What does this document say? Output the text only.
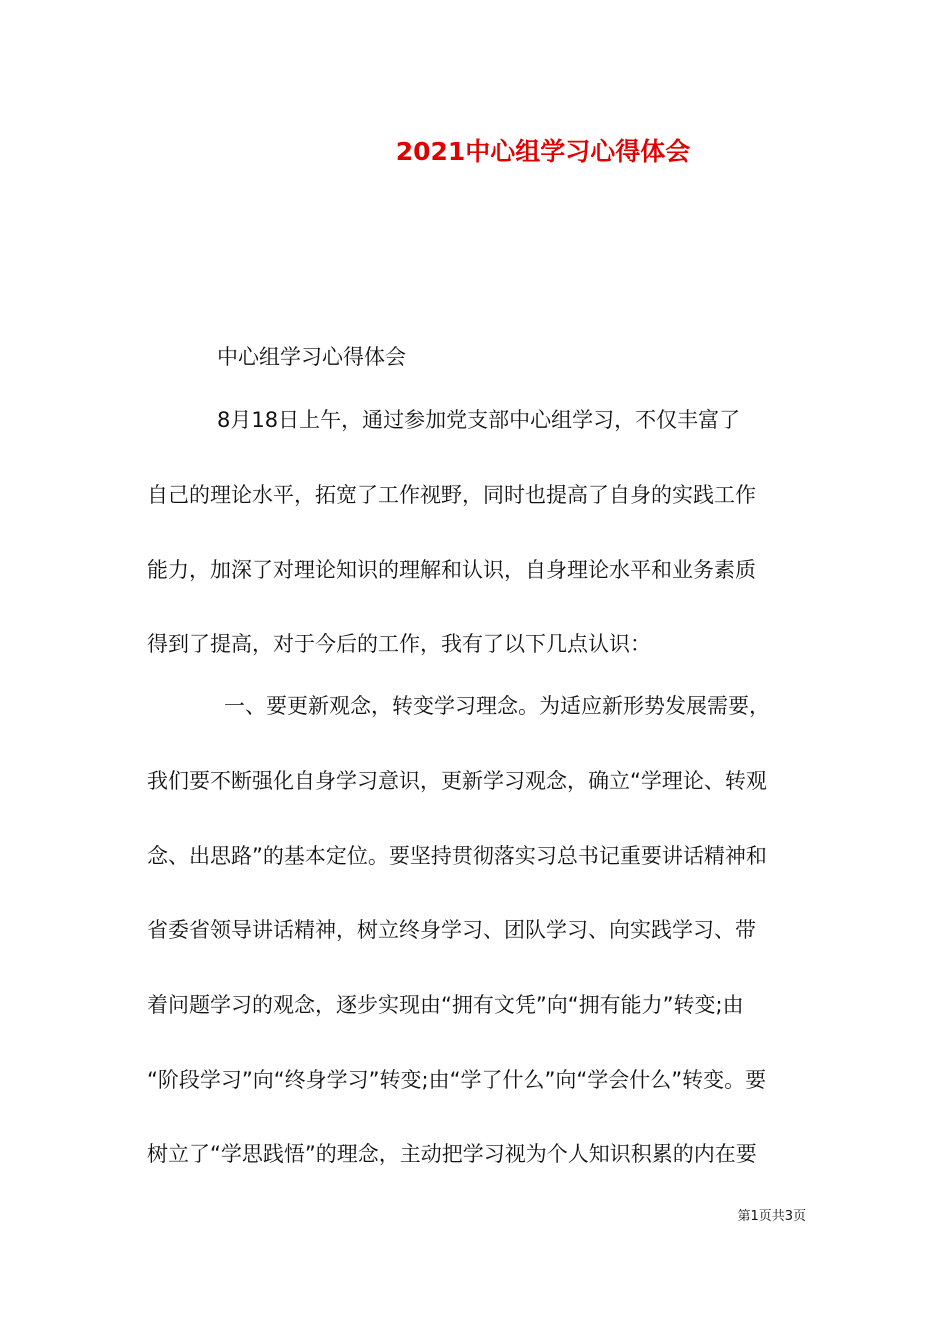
2021中心组学习心得体会
中心组学习心得体会
8月18日上午，通过参加党支部中心组学习，不仅丰富了
自己的理论水平，拓宽了工作视野，同时也提高了自身的实践工作
能力，加深了对理论知识的理解和认识，自身理论水平和业务素质
得到了提高，对于今后的工作，我有了以下几点认识：
一、要更新观念，转变学习理念。为适应新形势发展需要，
我们要不断强化自身学习意识，更新学习观念，确立“学理论、转观
念、出思路”的基本定位。要坚持贯彻落实习总书记重要讲话精神和
省委省领导讲话精神，树立终身学习、团队学习、向实践学习、带
着问题学习的观念，逐步实现由“拥有文凭”向“拥有能力”转变;由
“阶段学习”向“终身学习”转变;由“学了什么”向“学会什么”转变。要
树立了“学思践悟”的理念，主动把学习视为个人知识积累的内在要
第1页共3页
